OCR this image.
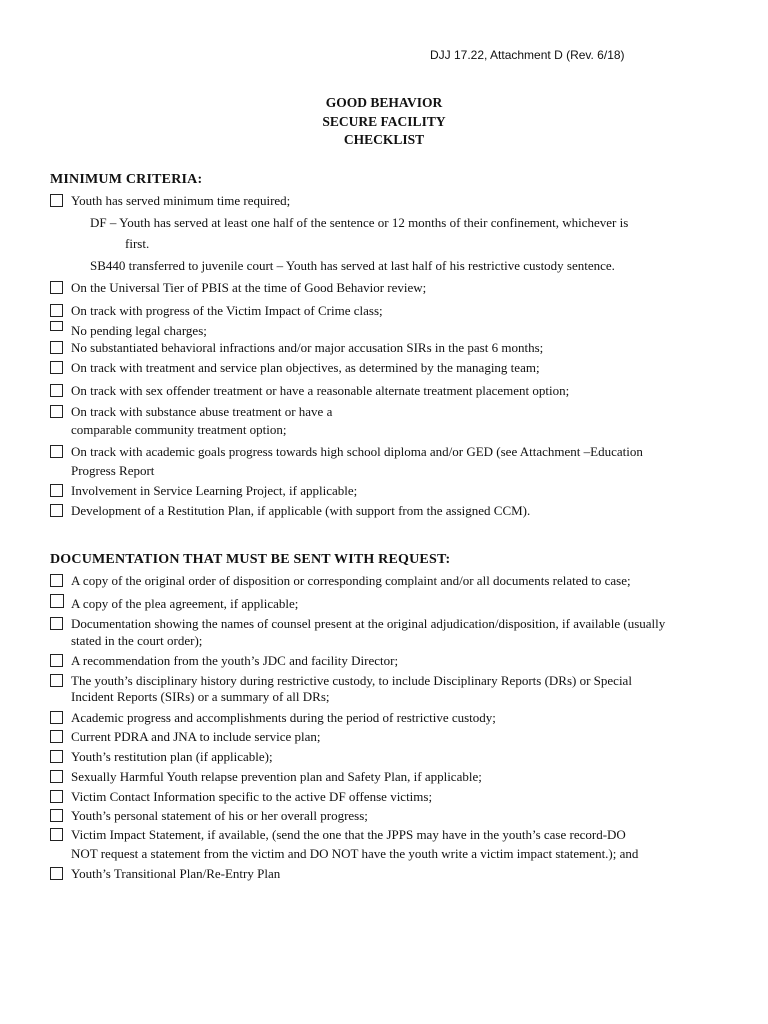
DJJ 17.22, Attachment D (Rev. 6/18)
GOOD BEHAVIOR
SECURE FACILITY
CHECKLIST
MINIMUM CRITERIA:
Youth has served minimum time required;
DF – Youth has served at least one half of the sentence or 12 months of their confinement, whichever is
first.
SB440 transferred to juvenile court – Youth has served at last half of his restrictive custody sentence.
On the Universal Tier of PBIS at the time of Good Behavior review;
On track with progress of the Victim Impact of Crime class;
No pending legal charges;
No substantiated behavioral infractions and/or major accusation SIRs in the past 6 months;
On track with treatment and service plan objectives, as determined by the managing team;
On track with sex offender treatment or have a reasonable alternate treatment placement option;
On track with substance abuse treatment or have a
comparable community treatment option;
On track with academic goals progress towards high school diploma and/or GED (see Attachment –Education
Progress Report
Involvement in Service Learning Project, if applicable;
Development of a Restitution Plan, if applicable (with support from the assigned CCM).
DOCUMENTATION THAT MUST BE SENT WITH REQUEST:
A copy of the original order of disposition or corresponding complaint and/or all documents related to case;
A copy of the plea agreement, if applicable;
Documentation showing the names of counsel present at the original adjudication/disposition, if available (usually
stated in the court order);
A recommendation from the youth’s JDC and facility Director;
The youth’s disciplinary history during restrictive custody, to include Disciplinary Reports (DRs) or Special
Incident Reports (SIRs) or a summary of all DRs;
Academic progress and accomplishments during the period of restrictive custody;
Current PDRA and JNA to include service plan;
Youth’s restitution plan (if applicable);
Sexually Harmful Youth relapse prevention plan and Safety Plan, if applicable;
Victim Contact Information specific to the active DF offense victims;
Youth’s personal statement of his or her overall progress;
Victim Impact Statement, if available, (send the one that the JPPS may have in the youth’s case record-DO
NOT request a statement from the victim and DO NOT have the youth write a victim impact statement.); and
Youth’s Transitional Plan/Re-Entry Plan
